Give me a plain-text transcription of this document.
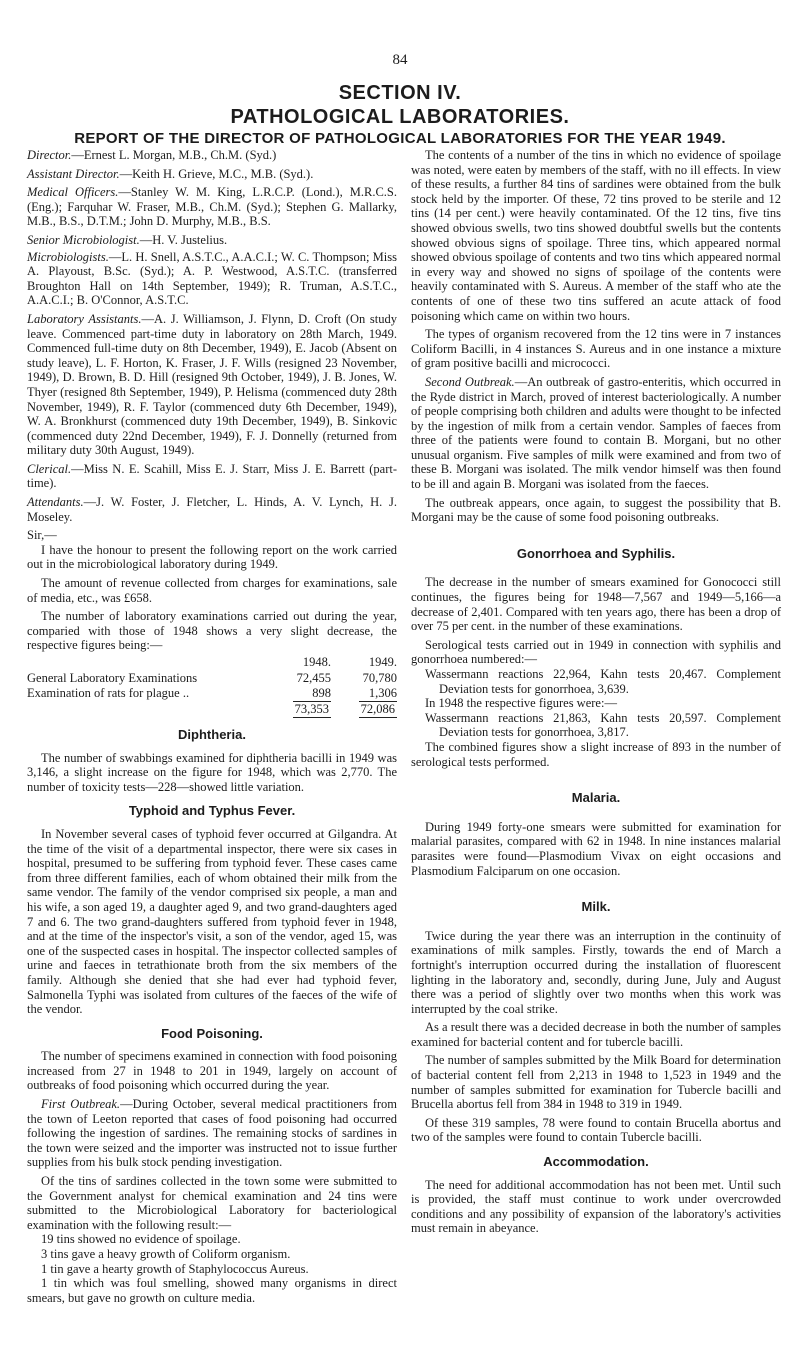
84
SECTION IV.
PATHOLOGICAL LABORATORIES.
REPORT OF THE DIRECTOR OF PATHOLOGICAL LABORATORIES FOR THE YEAR 1949.

Director.—Ernest L. Morgan, M.B., Ch.M. (Syd.)

Assistant Director.—Keith H. Grieve, M.C., M.B. (Syd.).

Medical Officers.—Stanley W. M. King, L.R.C.P. (Lond.), M.R.C.S. (Eng.); Farquhar W. Fraser, M.B., Ch.M. (Syd.); Stephen G. Mallarky, M.B., B.S., D.T.M.; John D. Murphy, M.B., B.S.

Senior Microbiologist.—H. V. Justelius.

Microbiologists.—L. H. Snell, A.S.T.C., A.A.C.I.; W. C. Thompson; Miss A. Playoust, B.Sc. (Syd.); A. P. Westwood, A.S.T.C. (transferred Broughton Hall on 14th September, 1949); R. Truman, A.S.T.C., A.A.C.I.; B. O'Connor, A.S.T.C.

Laboratory Assistants.—A. J. Williamson, J. Flynn, D. Croft (On study leave. Commenced part-time duty in laboratory on 28th March, 1949. Commenced full-time duty on 8th December, 1949), E. Jacob (Absent on study leave), L. F. Horton, K. Fraser, J. F. Wills (resigned 23 November, 1949), D. Brown, B. D. Hill (resigned 9th October, 1949), J. B. Jones, W. Thyer (resigned 8th September, 1949), P. Helisma (commenced duty 28th November, 1949), R. F. Taylor (commenced duty 6th December, 1949), W. A. Bronkhurst (commenced duty 19th December, 1949), B. Sinkovic (commenced duty 22nd December, 1949), F. J. Donnelly (returned from military duty 30th August, 1949).

Clerical.—Miss N. E. Scahill, Miss E. J. Starr, Miss J. E. Barrett (part-time).

Attendants.—J. W. Foster, J. Fletcher, L. Hinds, A. V. Lynch, H. J. Moseley.

Sir,—

I have the honour to present the following report on the work carried out in the microbiological laboratory during 1949.

The amount of revenue collected from charges for examinations, sale of media, etc., was £658.

The number of laboratory examinations carried out during the year, comparied with those of 1948 shows a very slight decrease, the respective figures being:—

	1948.	1949.
General Laboratory Examinations	72,455	70,780
Examination of rats for plague ..	898	1,306
	73,353	72,086
Diphtheria.

The number of swabbings examined for diphtheria bacilli in 1949 was 3,146, a slight increase on the figure for 1948, which was 2,770. The number of toxicity tests—228—showed little variation.

Typhoid and Typhus Fever.

In November several cases of typhoid fever occurred at Gilgandra. At the time of the visit of a departmental inspector, there were six cases in hospital, presumed to be suffering from typhoid fever. These cases came from three different families, each of whom obtained their milk from the same vendor. The family of the vendor comprised six people, a man and his wife, a son aged 19, a daughter aged 9, and two grand-daughters aged 7 and 6. The two grand-daughters suffered from typhoid fever in 1948, and at the time of the inspector's visit, a son of the vendor, aged 15, was one of the suspected cases in hospital. The inspector collected samples of urine and faeces in tetrathionate broth from the six members of the family. Although she denied that she had ever had typhoid fever, Salmonella Typhi was isolated from cultures of the faeces of the wife of the vendor.

Food Poisoning.

The number of specimens examined in connection with food poisoning increased from 27 in 1948 to 201 in 1949, largely on account of outbreaks of food poisoning which occurred during the year.

First Outbreak.—During October, several medical practitioners from the town of Leeton reported that cases of food poisoning had occurred following the ingestion of sardines. The remaining stocks of sardines in the town were seized and the importer was instructed not to issue further supplies from his bulk stock pending investigation.

Of the tins of sardines collected in the town some were submitted to the Government analyst for chemical examination and 24 tins were submitted to the Microbiological Laboratory for bacteriological examination with the following result:—

19 tins showed no evidence of spoilage.

3 tins gave a heavy growth of Coliform organism.

1 tin gave a hearty growth of Staphylococcus Aureus.

1 tin which was foul smelling, showed many organisms in direct smears, but gave no growth on culture media.

The contents of a number of the tins in which no evidence of spoilage was noted, were eaten by members of the staff, with no ill effects. In view of these results, a further 84 tins of sardines were obtained from the bulk stock held by the importer. Of these, 72 tins proved to be sterile and 12 tins (14 per cent.) were heavily contaminated. Of the 12 tins, five tins showed obvious swells, two tins showed doubtful swells but the contents showed obvious signs of spoilage. Three tins, which appeared normal showed obvious spoilage of contents and two tins which appeared normal in every way and showed no signs of spoilage of the contents were heavily contaminated with S. Aureus. A member of the staff who ate the contents of one of these two tins suffered an acute attack of food poisoning which came on within two hours.

The types of organism recovered from the 12 tins were in 7 instances Coliform Bacilli, in 4 instances S. Aureus and in one instance a mixture of gram positive bacilli and micrococci.

Second Outbreak.—An outbreak of gastro-enteritis, which occurred in the Ryde district in March, proved of interest bacteriologically. A number of people comprising both children and adults were thought to be infected by the ingestion of milk from a certain vendor. Samples of faeces from three of the patients were found to contain B. Morgani, but no other unusual organism. Five samples of milk were examined and from two of these B. Morgani was isolated. The milk vendor himself was then found to be ill and again B. Morgani was isolated from the faeces.

The outbreak appears, once again, to suggest the possibility that B. Morgani may be the cause of some food poisoning outbreaks.

Gonorrhoea and Syphilis.

The decrease in the number of smears examined for Gonococci still continues, the figures being for 1948—7,567 and 1949—5,166—a decrease of 2,401. Compared with ten years ago, there has been a drop of over 75 per cent. in the number of these examinations.

Serological tests carried out in 1949 in connection with syphilis and gonorrhoea numbered:—

Wassermann reactions 22,964, Kahn tests 20,467. Complement Deviation tests for gonorrhoea, 3,639.

In 1948 the respective figures were:—

Wassermann reactions 21,863, Kahn tests 20,597. Complement Deviation tests for gonorrhoea, 3,817.

The combined figures show a slight increase of 893 in the number of serological tests performed.

Malaria.

During 1949 forty-one smears were submitted for examination for malarial parasites, compared with 62 in 1948. In nine instances malarial parasites were found—Plasmodium Vivax on eight occasions and Plasmodium Falciparum on one occasion.

Milk.

Twice during the year there was an interruption in the continuity of examinations of milk samples. Firstly, towards the end of March a fortnight's interruption occurred during the installation of fluorescent lighting in the laboratory and, secondly, during June, July and August there was a period of slightly over two months when this work was interrupted by the coal strike.

As a result there was a decided decrease in both the number of samples examined for bacterial content and for tubercle bacilli.

The number of samples submitted by the Milk Board for determination of bacterial content fell from 2,213 in 1948 to 1,523 in 1949 and the number of samples submitted for examination for Tubercle bacilli and Brucella abortus fell from 384 in 1948 to 319 in 1949.

Of these 319 samples, 78 were found to contain Brucella abortus and two of the samples were found to contain Tubercle bacilli.

Accommodation.

The need for additional accommodation has not been met. Until such is provided, the staff must continue to work under overcrowded conditions and any possibility of expansion of the laboratory's activities must remain in abeyance.
